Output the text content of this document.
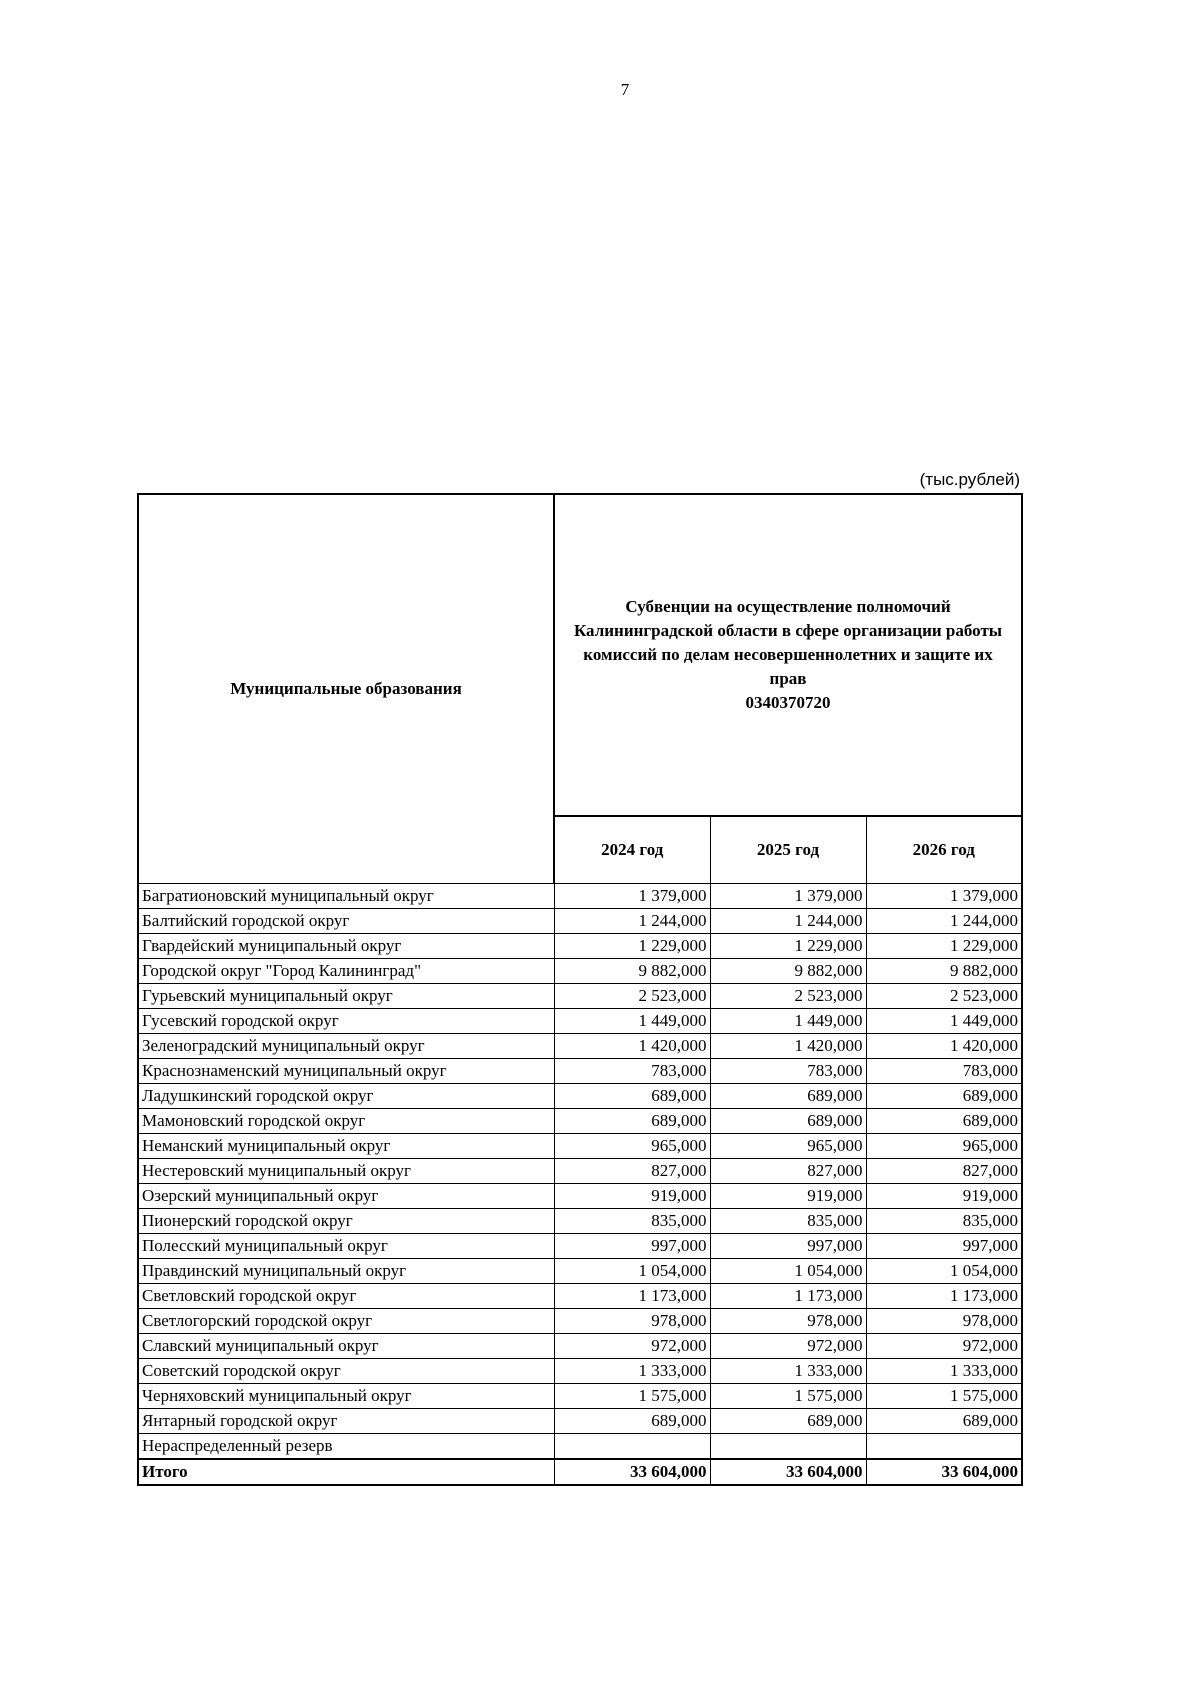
7
(тыс.рублей)
Муниципальные образования	Субвенции на осуществление полномочий Калининградской области в сфере организации работы комиссий по делам несовершеннолетних и защите их прав
0340370720		
	2024 год	2025 год	2026 год
Багратионовский муниципальный округ	1 379,000	1 379,000	1 379,000
Балтийский городской округ	1 244,000	1 244,000	1 244,000
Гвардейский муниципальный округ	1 229,000	1 229,000	1 229,000
Городской округ "Город Калининград"	9 882,000	9 882,000	9 882,000
Гурьевский муниципальный округ	2 523,000	2 523,000	2 523,000
Гусевский городской округ	1 449,000	1 449,000	1 449,000
Зеленоградский муниципальный округ	1 420,000	1 420,000	1 420,000
Краснознаменский муниципальный округ	783,000	783,000	783,000
Ладушкинский городской округ	689,000	689,000	689,000
Мамоновский городской округ	689,000	689,000	689,000
Неманский муниципальный округ	965,000	965,000	965,000
Нестеровский муниципальный округ	827,000	827,000	827,000
Озерский муниципальный округ	919,000	919,000	919,000
Пионерский городской округ	835,000	835,000	835,000
Полесский муниципальный округ	997,000	997,000	997,000
Правдинский муниципальный округ	1 054,000	1 054,000	1 054,000
Светловский городской округ	1 173,000	1 173,000	1 173,000
Светлогорский городской округ	978,000	978,000	978,000
Славский муниципальный округ	972,000	972,000	972,000
Советский городской округ	1 333,000	1 333,000	1 333,000
Черняховский муниципальный округ	1 575,000	1 575,000	1 575,000
Янтарный городской округ	689,000	689,000	689,000
Нераспределенный резерв			
Итого	33 604,000	33 604,000	33 604,000
